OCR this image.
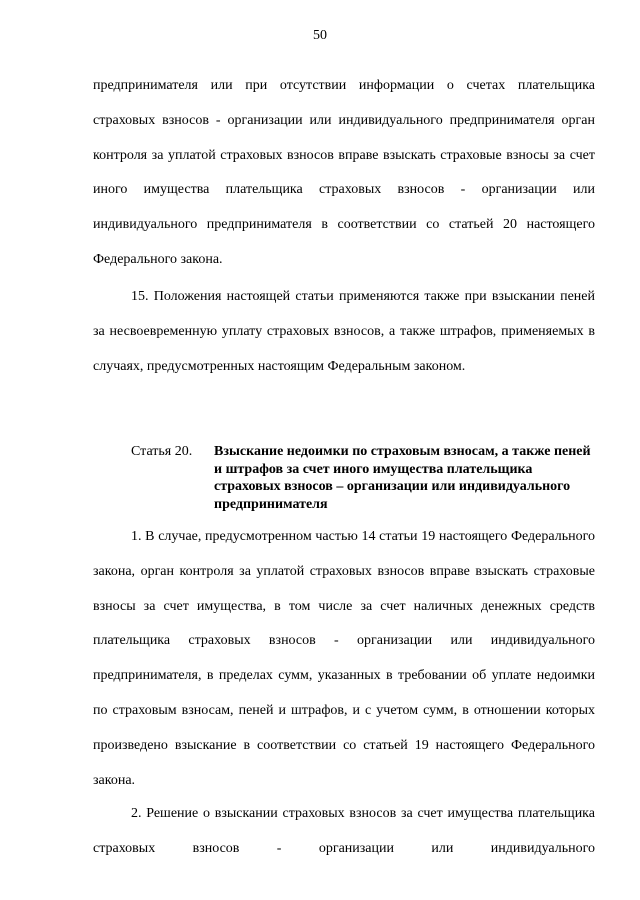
50

предпринимателя или при отсутствии информации о счетах плательщика страховых взносов - организации или индивидуального предпринимателя орган контроля за уплатой страховых взносов вправе взыскать страховые взносы за счет иного имущества плательщика страховых взносов - организации или индивидуального предпринимателя в соответствии со статьей 20 настоящего Федерального закона.

15. Положения настоящей статьи применяются также при взыскании пеней за несвоевременную уплату страховых взносов, а также штрафов, применяемых в случаях, предусмотренных настоящим Федеральным законом.

Статья 20. Взыскание недоимки по страховым взносам, а также пеней и штрафов за счет иного имущества плательщика страховых взносов – организации или индивидуального предпринимателя

1. В случае, предусмотренном частью 14 статьи 19 настоящего Федерального закона, орган контроля за уплатой страховых взносов вправе взыскать страховые взносы за счет имущества, в том числе за счет наличных денежных средств плательщика страховых взносов - организации или индивидуального предпринимателя, в пределах сумм, указанных в требовании об уплате недоимки по страховым взносам, пеней и штрафов, и с учетом сумм, в отношении которых произведено взыскание в соответствии со статьей 19 настоящего Федерального закона.

2. Решение о взыскании страховых взносов за счет имущества плательщика страховых взносов - организации или индивидуального
